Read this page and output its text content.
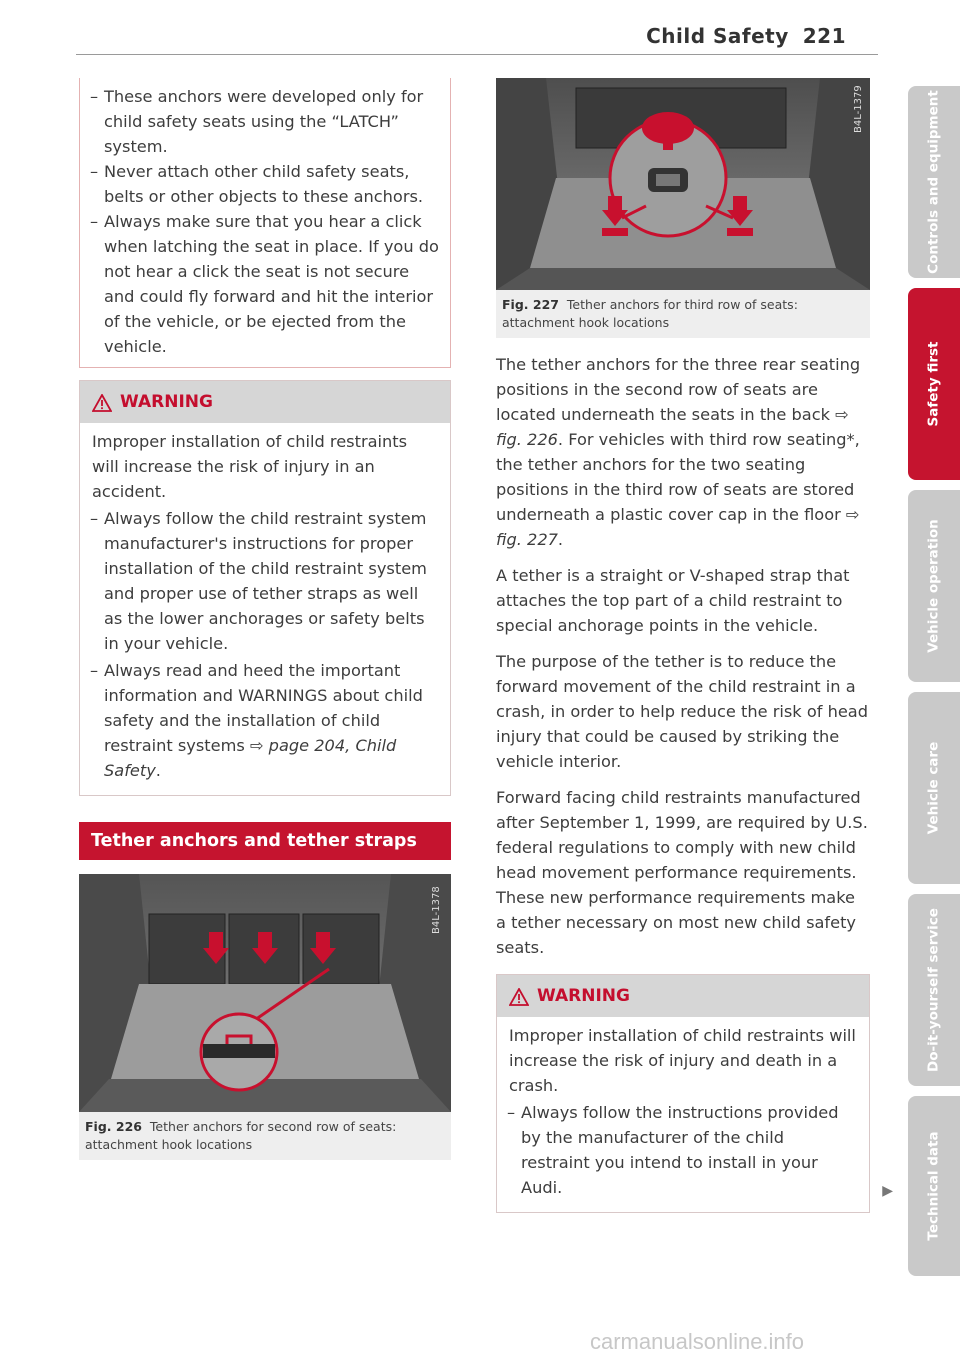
Child Safety 221

– These anchors were developed only for child safety seats using the “LATCH” system.

– Never attach other child safety seats, belts or other objects to these anchors.

– Always make sure that you hear a click when latching the seat in place. If you do not hear a click the seat is not secure and could fly forward and hit the interior of the vehicle, or be ejected from the vehicle.

WARNING

Improper installation of child restraints will increase the risk of injury in an accident.

– Always follow the child restraint system manufacturer's instructions for proper installation of the child restraint system and proper use of tether straps as well as the lower anchorages or safety belts in your vehicle.

– Always read and heed the important information and WARNINGS about child safety and the installation of child restraint systems ⇨ page 204, Child Safety.

Tether anchors and tether straps
B4L-1378
Fig. 226 Tether anchors for second row of seats: attachment hook locations
B4L-1379
Fig. 227 Tether anchors for third row of seats: attachment hook locations

The tether anchors for the three rear seating positions in the second row of seats are located underneath the seats in the back ⇨ fig. 226. For vehicles with third row seating*, the tether anchors for the two seating positions in the third row of seats are stored underneath a plastic cover cap in the floor ⇨ fig. 227.

A tether is a straight or V-shaped strap that attaches the top part of a child restraint to special anchorage points in the vehicle.

The purpose of the tether is to reduce the forward movement of the child restraint in a crash, in order to help reduce the risk of head injury that could be caused by striking the vehicle interior.

Forward facing child restraints manufactured after September 1, 1999, are required by U.S. federal regulations to comply with new child head movement performance requirements. These new performance requirements make a tether necessary on most new child safety seats.

WARNING

Improper installation of child restraints will increase the risk of injury and death in a crash.

– Always follow the instructions provided by the manufacturer of the child restraint you intend to install in your Audi.	▶
Controls and equipment
Safety first
Vehicle operation
Vehicle care
Do-it-yourself service
Technical data
carmanualsonline.info
